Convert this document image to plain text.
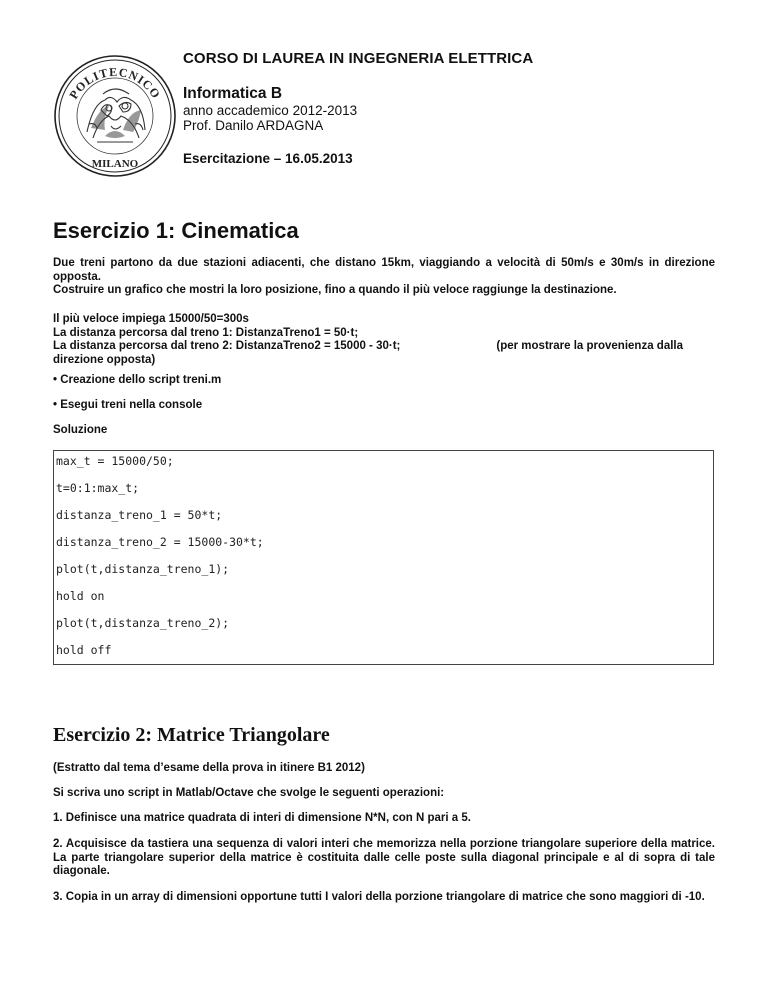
POLITECNICO
MILANO

CORSO DI LAUREA IN INGEGNERIA ELETTRICA

Informatica B

anno accademico 2012-2013

Prof. Danilo ARDAGNA

Esercitazione – 16.05.2013

Esercizio 1: Cinematica
Due treni partono da due stazioni adiacenti, che distano 15km, viaggiando a velocità di 50m/s e 30m/s in direzione opposta.
Costruire un grafico che mostri la loro posizione, fino a quando il più veloce raggiunge la destinazione.
Il più veloce impiega 15000/50=300s
La distanza percorsa dal treno 1: DistanzaTreno1 = 50·t;
La distanza percorsa dal treno 2: DistanzaTreno2 = 15000 - 30·t;	(per mostrare la provenienza dalla
direzione opposta)
• Creazione dello script treni.m
• Esegui treni nella console
Soluzione
max_t = 15000/50;
t=0:1:max_t;
distanza_treno_1 = 50*t;
distanza_treno_2 = 15000-30*t;
plot(t,distanza_treno_1);
hold on
plot(t,distanza_treno_2);
hold off
Esercizio 2: Matrice Triangolare
(Estratto dal tema d’esame della prova in itinere B1 2012)
Si scriva uno script in Matlab/Octave che svolge le seguenti operazioni:
1. Definisce una matrice quadrata di interi di dimensione N*N, con N pari a 5.
2. Acquisisce da tastiera una sequenza di valori interi che memorizza nella porzione triangolare superiore della matrice. La parte triangolare superior della matrice è costituita dalle celle poste sulla diagonal principale e al di sopra di tale diagonale.
3. Copia in un array di dimensioni opportune tutti I valori della porzione triangolare di matrice che sono maggiori di -10.
